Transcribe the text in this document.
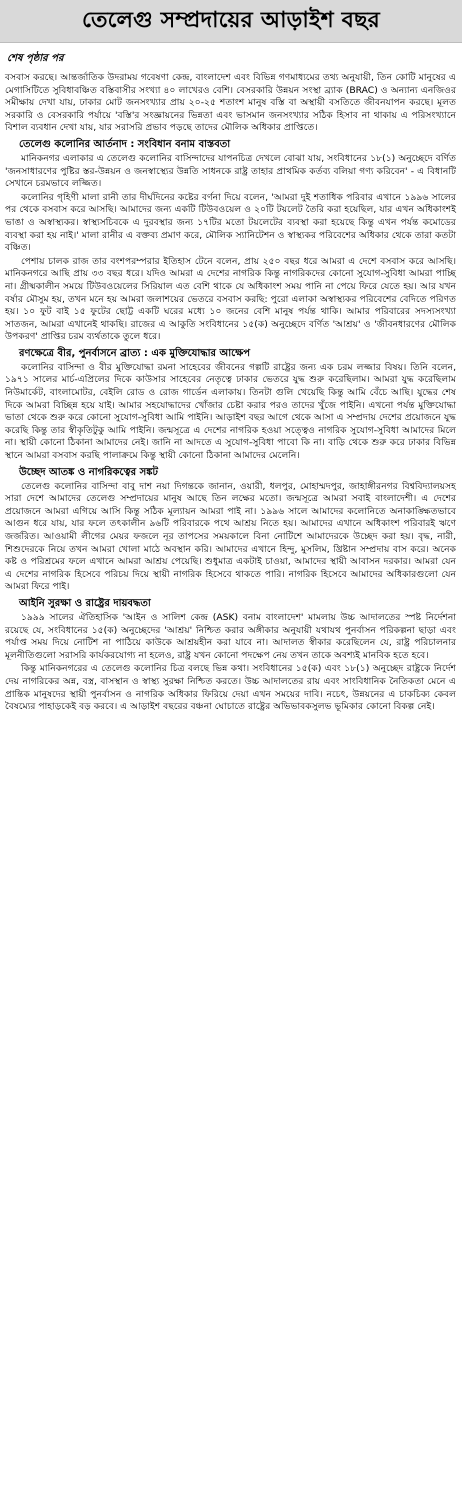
তেলেগু সম্প্রদায়ের আড়াইশ বছর
শেষ পৃষ্ঠার পর

বসবাস করছে। আন্তর্জাতিক উদরাময় গবেষণা কেন্দ্র, বাংলাদেশ এবং বিভিন্ন গণমাধ্যমের তথ্য অনুযায়ী, তিন কোটি মানুষের এ মেগাসিটিতে সুবিধাবঞ্চিত বস্তিবাসীর সংখ্যা ৪০ লাখেরও বেশি। বেসরকারি উন্নয়ন সংস্থা ব্র্যাক (BRAC) ও অন্যান্য এনজিওর সমীক্ষায় দেখা যায়, ঢাকার মোট জনসংখ্যার প্রায় ২০-২৫ শতাংশ মানুষ বস্তি বা অস্থায়ী বসতিতে জীবনযাপন করছে। মূলত সরকারি ও বেসরকারি পর্যায়ে 'বস্তি'র সংজ্ঞায়নের ভিন্নতা এবং ভাসমান জনসংখ্যার সঠিক হিসাব না থাকায় এ পরিসংখ্যানে বিশাল ব্যবধান দেখা যায়, যার সরাসরি প্রভাব পড়ছে তাদের মৌলিক অধিকার প্রাপ্তিতে।

তেলেগু কলোনির আর্তনাদ : সংবিধান বনাম বাস্তবতা

মানিকনগর এলাকার এ তেলেগু কলোনির বাসিন্দাদের যাপনচিত্র দেখলে বোঝা যায়, সংবিধানের ১৮(১) অনুচ্ছেদে বর্ণিত 'জনসাধারণের পুষ্টির স্তর-উন্নয়ন ও জনস্বাস্থ্যের উন্নতি সাধনকে রাষ্ট্র তাহার প্রাথমিক কর্তব্য বলিয়া গণ্য করিবেন' - এ বিধানটি সেখানে চরমভাবে লজ্জিত।

কলোনির গৃহিণী মালা রানী তার দীর্ঘদিনের কষ্টের বর্ণনা দিয়ে বলেন, 'আমরা দুই শতাধিক পরিবার এখানে ১৯৯৬ সালের পর থেকে বসবাস করে আসছি। আমাদের জন্য একটি টিউবওয়েল ও ২০টি টয়লেট তৈরি করা হয়েছিল, যার এখন অধিকাংশই ভাঙা ও অস্বাস্থ্যকর। স্বাস্থ্যসচিবকে এ দুরবস্থার জন্য ১৭টির মতো টয়লেটের ব্যবস্থা করা হয়েছে কিন্তু এখন পর্যন্ত কমোডের ব্যবস্থা করা হয় নাই।' মালা রানীর এ বক্তব্য প্রমাণ করে, মৌলিক স্যানিটেশন ও স্বাস্থ্যকর পরিবেশের অধিকার থেকে তারা কতটা বঞ্চিত।

পেশায় চালক রাজ তার বংশপরম্পরার ইতিহাস টেনে বলেন, প্রায় ২৫০ বছর ধরে আমরা এ দেশে বসবাস করে আসছি। মানিকনগরে আছি প্রায় ৩৩ বছর ধরে। যদিও আমরা এ দেশের নাগরিক কিন্তু নাগরিকদের কোনো সুযোগ-সুবিধা আমরা পাচ্ছি না। গ্রীষ্মকালীন সময়ে টিউবওয়েলের সিরিয়াল এত বেশি থাকে যে অধিকাংশ সময় পানি না পেয়ে ফিরে যেতে হয়। আর যখন বর্ষার মৌসুম হয়, তখন মনে হয় আমরা জলাশয়ের ভেতরে বসবাস করছি: পুরো এলাকা অস্বাস্থ্যকর পরিবেশের বেদিতে পরিণত হয়। ১০ ফুট বাই ১৫ ফুটের ছোট্ট একটি ঘরের মধ্যে ১০ জনের বেশি মানুষ পর্যন্ত থাকি। আমার পরিবারের সদস্যসংখ্যা সাতজন, আমরা এখানেই থাকছি। রাজের এ আকুতি সংবিধানের ১৫(ক) অনুচ্ছেদে বর্ণিত 'আশ্রয়' ও 'জীবনধারণের মৌলিক উপকরণ' প্রাপ্তির চরম ব্যর্থতাকে তুলে ধরে।

রণক্ষেত্রে বীর, পুনর্বাসনে ব্রাত্য : এক মুক্তিযোদ্ধার আক্ষেপ

কলোনির বাসিন্দা ও বীর মুক্তিযোদ্ধা রমনা সাহেবের জীবনের গল্পটি রাষ্ট্রের জন্য এক চরম লজ্জার বিষয়। তিনি বলেন, ১৯৭১ সালের মার্চ-এপ্রিলের দিকে কাউসার সাহেবের নেতৃত্বে ঢাকার ভেতরে যুদ্ধ শুরু করেছিলাম। আমরা যুদ্ধ করেছিলাম নিউমার্কেট, বাংলামোটর, বেইলি রোড ও রোজ গার্ডেন এলাকায়। তিনটা গুলি খেয়েছি কিন্তু আমি বেঁচে আছি। যুদ্ধের শেষ দিকে আমরা বিচ্ছিন্ন হয়ে যাই। আমার সহযোদ্ধাদের খোঁজার চেষ্টা করার পরও তাদের খুঁজে পাইনি। এখনো পর্যন্ত মুক্তিযোদ্ধা ভাতা থেকে শুরু করে কোনো সুযোগ-সুবিধা আমি পাইনি। আড়াইশ বছর আগে থেকে আসা এ সম্প্রদায় দেশের প্রয়োজনে যুদ্ধ করেছি কিন্তু তার স্বীকৃতিটুকু আমি পাইনি। জন্মসূত্রে এ দেশের নাগরিক হওয়া সত্ত্বেও নাগরিক সুযোগ-সুবিধা আমাদের মিলে না। স্থায়ী কোনো ঠিকানা আমাদের নেই। জানি না আদতে এ সুযোগ-সুবিধা পাবো কি না। বাড়ি থেকে শুরু করে ঢাকার বিভিন্ন স্থানে আমরা বসবাস করছি পালাক্রমে কিন্তু স্থায়ী কোনো ঠিকানা আমাদের মেলেনি।

উচ্ছেদ আতঙ্ক ও নাগরিকত্বের সঙ্কট

তেলেগু কলোনির বাসিন্দা বাবু দাশ নয়া দিগন্তকে জানান, ওয়ারী, ধলপুর, মোহাম্মদপুর, জাহাঙ্গীরনগর বিশ্ববিদ্যালয়সহ সারা দেশে আমাদের তেলেগু সম্প্রদায়ের মানুষ আছে তিন লক্ষের মতো। জন্মসূত্রে আমরা সবাই বাংলাদেশী। এ দেশের প্রয়োজনে আমরা এগিয়ে আসি কিন্তু সঠিক মূল্যায়ন আমরা পাই না। ১৯৯৬ সালে আমাদের কলোনিতে অনাকাঙ্ক্ষিতভাবে আগুন ধরে যায়, যার ফলে তৎকালীন ৯৬টি পরিবারকে পথে আশ্রয় নিতে হয়। আমাদের এখানে অধিকাংশ পরিবারই ঋণে জর্জরিত। আওয়ামী লীগের মেয়র ফজলে নূর তাপসের সময়কালে বিনা নোটিশে আমাদেরকে উচ্ছেদ করা হয়। বৃদ্ধ, নারী, শিশুদেরকে নিয়ে তখন আমরা খোলা মাঠে অবস্থান করি। আমাদের এখানে হিন্দু, মুসলিম, খ্রিষ্টান সম্প্রদায় বাস করে। অনেক কষ্ট ও পরিশ্রমের ফলে এখানে আমরা আশ্রয় পেয়েছি। শুধুমাত্র একটাই চাওয়া, আমাদের স্থায়ী আবাসন দরকার। আমরা যেন এ দেশের নাগরিক হিসেবে পরিচয় দিয়ে স্থায়ী নাগরিক হিসেবে থাকতে পারি। নাগরিক হিসেবে আমাদের অধিকারগুলো যেন আমরা ফিরে পাই।

আইনি সুরক্ষা ও রাষ্ট্রের দায়বদ্ধতা

১৯৯৯ সালের ঐতিহাসিক 'আইন ও সালিশ কেন্দ্র (ASK) বনাম বাংলাদেশ' মামলায় উচ্চ আদালতের স্পষ্ট নির্দেশনা রয়েছে যে, সংবিধানের ১৫(ক) অনুচ্ছেদের 'আশ্রয়' নিশ্চিত করার অঙ্গীকার অনুযায়ী যথাযথ পুনর্বাসন পরিকল্পনা ছাড়া এবং পর্যাপ্ত সময় দিয়ে নোটিশ না পাঠিয়ে কাউকে আশ্রয়হীন করা যাবে না। আদালত স্বীকার করেছিলেন যে, রাষ্ট্র পরিচালনার মূলনীতিগুলো সরাসরি কার্যকরযোগ্য না হলেও, রাষ্ট্র যখন কোনো পদক্ষেপ নেয় তখন তাকে অবশ্যই মানবিক হতে হবে।

কিন্তু মানিকনগরের এ তেলেগু কলোনির চিত্র বলছে ভিন্ন কথা। সংবিধানের ১৫(ক) এবং ১৮(১) অনুচ্ছেদ রাষ্ট্রকে নির্দেশ দেয় নাগরিকের অন্ন, বস্ত্র, বাসস্থান ও স্বাস্থ্য সুরক্ষা নিশ্চিত করতে। উচ্চ আদালতের রায় এবং সাংবিধানিক নৈতিকতা মেনে এ প্রান্তিক মানুষদের স্থায়ী পুনর্বাসন ও নাগরিক অধিকার ফিরিয়ে দেয়া এখন সময়ের দাবি। নচেৎ, উন্নয়নের এ চাকচিক্য কেবল বৈষম্যের পাহাড়কেই বড় করবে। এ আড়াইশ বছরের বঞ্চনা ঘোচাতে রাষ্ট্রের অভিভাবকসুলভ ভূমিকার কোনো বিকল্প নেই।
